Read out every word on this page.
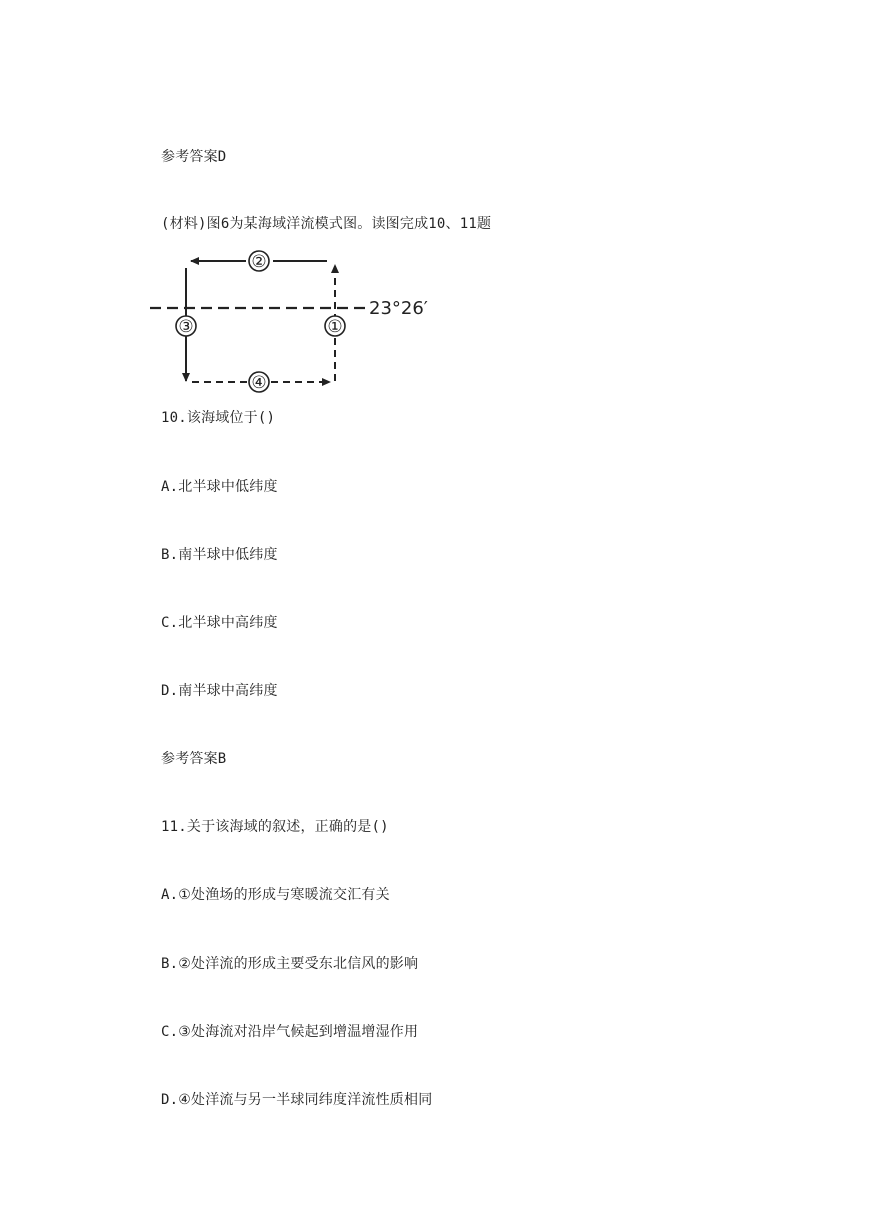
参考答案D
(材料)图6为某海域洋流模式图。读图完成10、11题
23°26′
②
③
④
①
10.该海域位于()
A.北半球中低纬度
B.南半球中低纬度
C.北半球中高纬度
D.南半球中高纬度
参考答案B
11.关于该海域的叙述，正确的是()
A.①处渔场的形成与寒暖流交汇有关
B.②处洋流的形成主要受东北信风的影响
C.③处海流对沿岸气候起到增温增湿作用
D.④处洋流与另一半球同纬度洋流性质相同
